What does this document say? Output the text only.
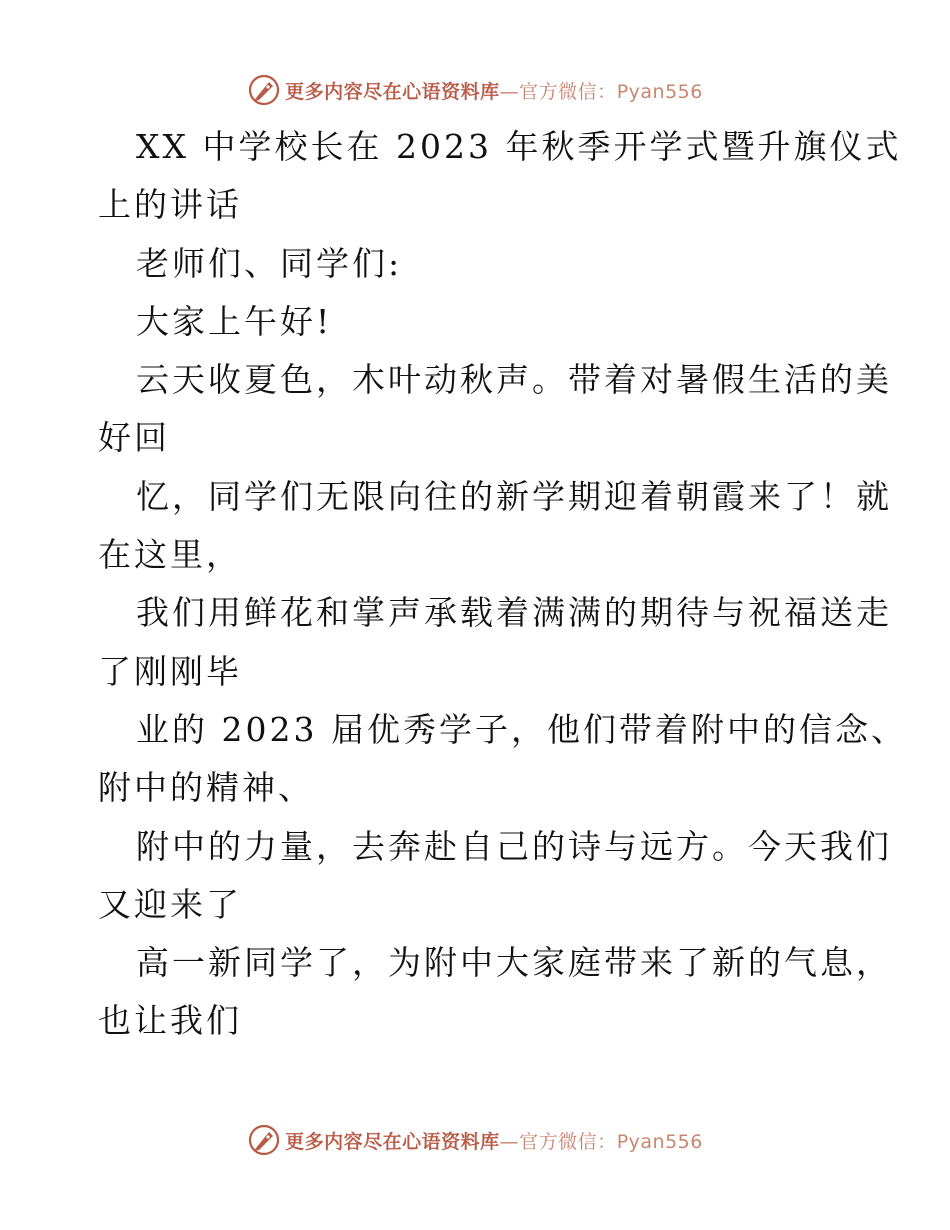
更多内容尽在心语资料库—官方微信：Pyan556
XX 中学校长在 2023 年秋季开学式暨升旗仪式
上的讲话
老师们、同学们:
大家上午好!
云天收夏色，木叶动秋声。带着对暑假生活的美
好回
忆，同学们无限向往的新学期迎着朝霞来了！就
在这里，
我们用鲜花和掌声承载着满满的期待与祝福送走
了刚刚毕
业的 2023 届优秀学子，他们带着附中的信念、
附中的精神、
附中的力量，去奔赴自己的诗与远方。今天我们
又迎来了
高一新同学了，为附中大家庭带来了新的气息，
也让我们
更多内容尽在心语资料库—官方微信：Pyan556
